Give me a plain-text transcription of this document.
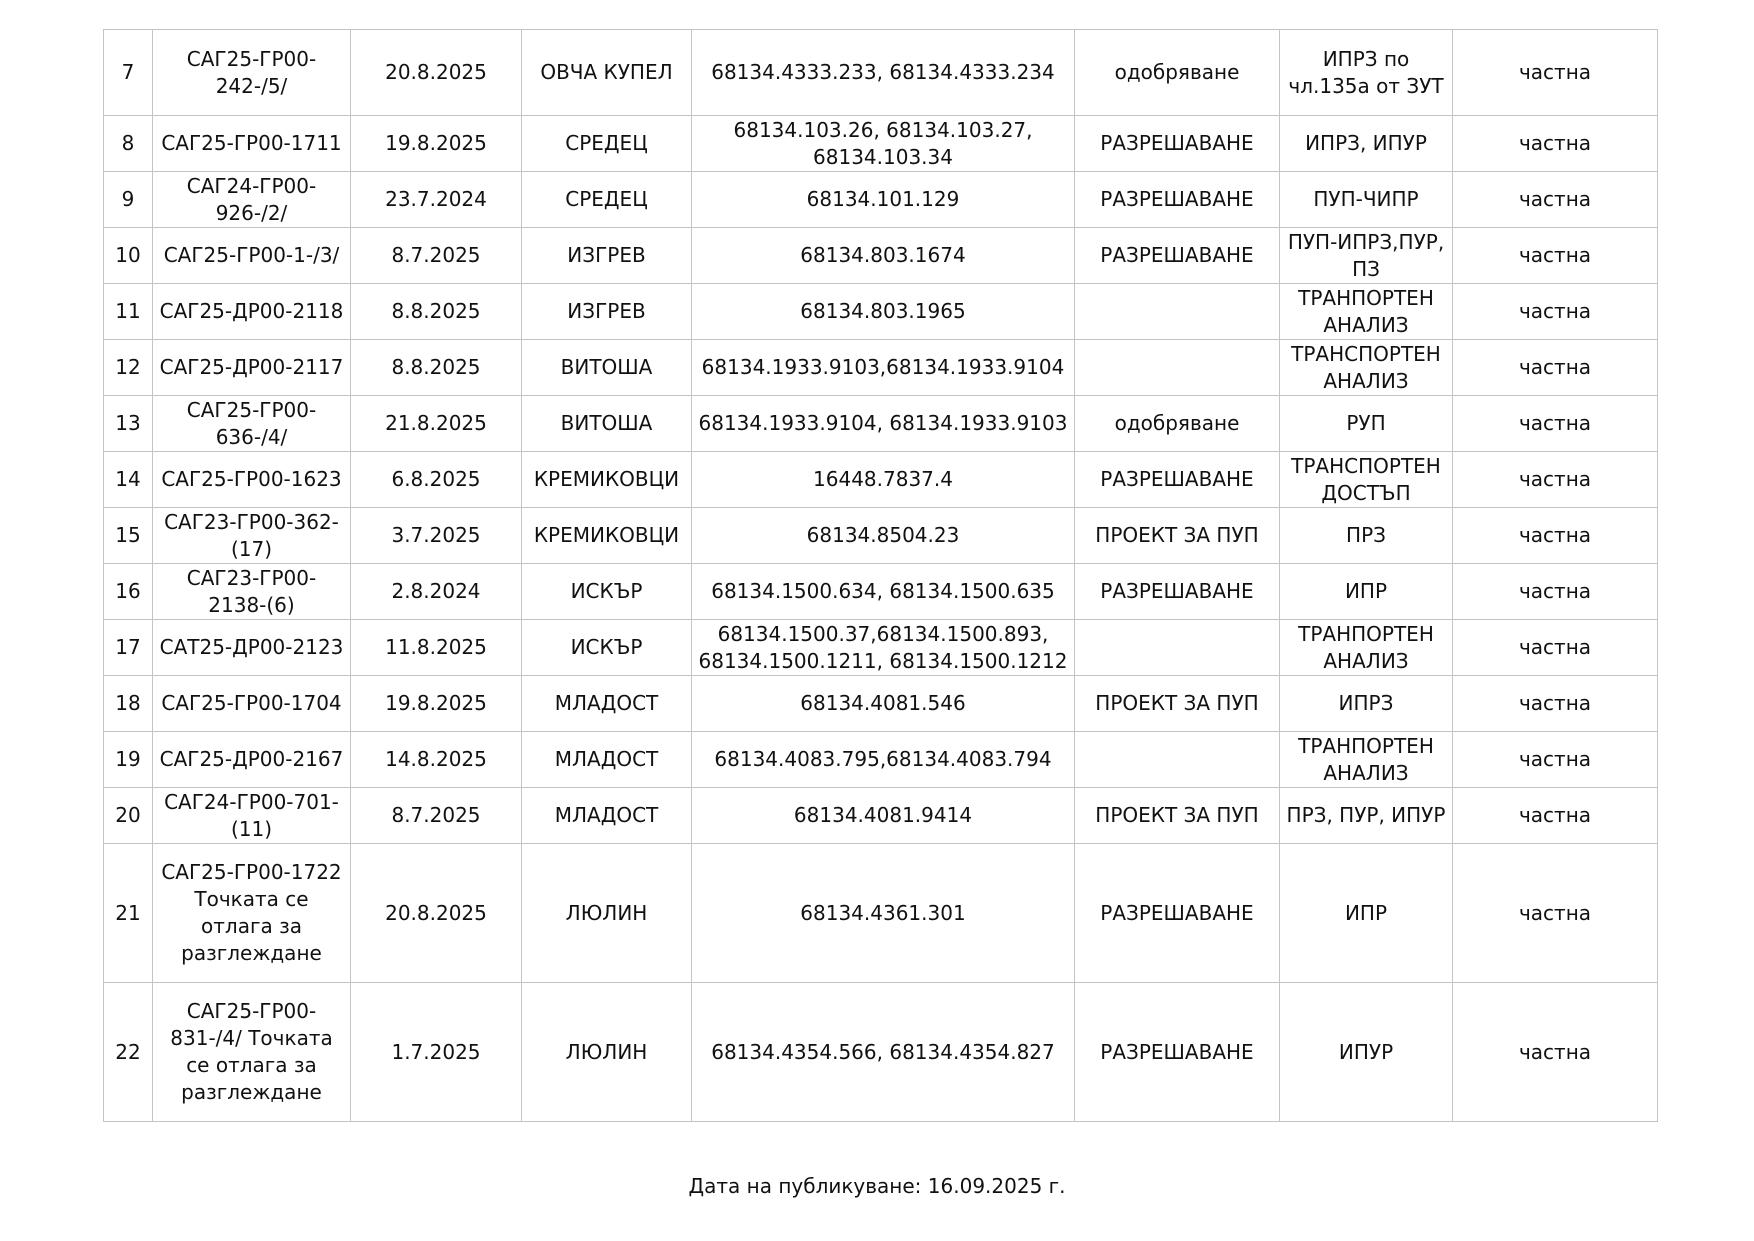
7	САГ25-ГР00-242-/5/	20.8.2025	ОВЧА КУПЕЛ	68134.4333.233, 68134.4333.234	одобряване	ИПРЗ по чл.135а от ЗУТ	частна
8	САГ25-ГР00-1711	19.8.2025	СРЕДЕЦ	68134.103.26, 68134.103.27, 68134.103.34	РАЗРЕШАВАНЕ	ИПРЗ, ИПУР	частна
9	САГ24-ГР00-926-/2/	23.7.2024	СРЕДЕЦ	68134.101.129	РАЗРЕШАВАНЕ	ПУП-ЧИПР	частна
10	САГ25-ГР00-1-/3/	8.7.2025	ИЗГРЕВ	68134.803.1674	РАЗРЕШАВАНЕ	ПУП-ИПРЗ,ПУР, ПЗ	частна
11	САГ25-ДР00-2118	8.8.2025	ИЗГРЕВ	68134.803.1965		ТРАНПОРТЕН АНАЛИЗ	частна
12	САГ25-ДР00-2117	8.8.2025	ВИТОША	68134.1933.9103,68134.1933.9104		ТРАНСПОРТЕН АНАЛИЗ	частна
13	САГ25-ГР00-636-/4/	21.8.2025	ВИТОША	68134.1933.9104, 68134.1933.9103	одобряване	РУП	частна
14	САГ25-ГР00-1623	6.8.2025	КРЕМИКОВЦИ	16448.7837.4	РАЗРЕШАВАНЕ	ТРАНСПОРТЕН ДОСТЪП	частна
15	САГ23-ГР00-362-(17)	3.7.2025	КРЕМИКОВЦИ	68134.8504.23	ПРОЕКТ ЗА ПУП	ПРЗ	частна
16	САГ23-ГР00-2138-(6)	2.8.2024	ИСКЪР	68134.1500.634, 68134.1500.635	РАЗРЕШАВАНЕ	ИПР	частна
17	САТ25-ДР00-2123	11.8.2025	ИСКЪР	68134.1500.37,68134.1500.893, 68134.1500.1211, 68134.1500.1212		ТРАНПОРТЕН АНАЛИЗ	частна
18	САГ25-ГР00-1704	19.8.2025	МЛАДОСТ	68134.4081.546	ПРОЕКТ ЗА ПУП	ИПРЗ	частна
19	САГ25-ДР00-2167	14.8.2025	МЛАДОСТ	68134.4083.795,68134.4083.794		ТРАНПОРТЕН АНАЛИЗ	частна
20	САГ24-ГР00-701-(11)	8.7.2025	МЛАДОСТ	68134.4081.9414	ПРОЕКТ ЗА ПУП	ПРЗ, ПУР, ИПУР	частна
21	САГ25-ГР00-1722 Точката се отлага за разглеждане	20.8.2025	ЛЮЛИН	68134.4361.301	РАЗРЕШАВАНЕ	ИПР	частна
22	САГ25-ГР00-831-/4/ Точката се отлага за разглеждане	1.7.2025	ЛЮЛИН	68134.4354.566, 68134.4354.827	РАЗРЕШАВАНЕ	ИПУР	частна
Дата на публикуване: 16.09.2025 г.
